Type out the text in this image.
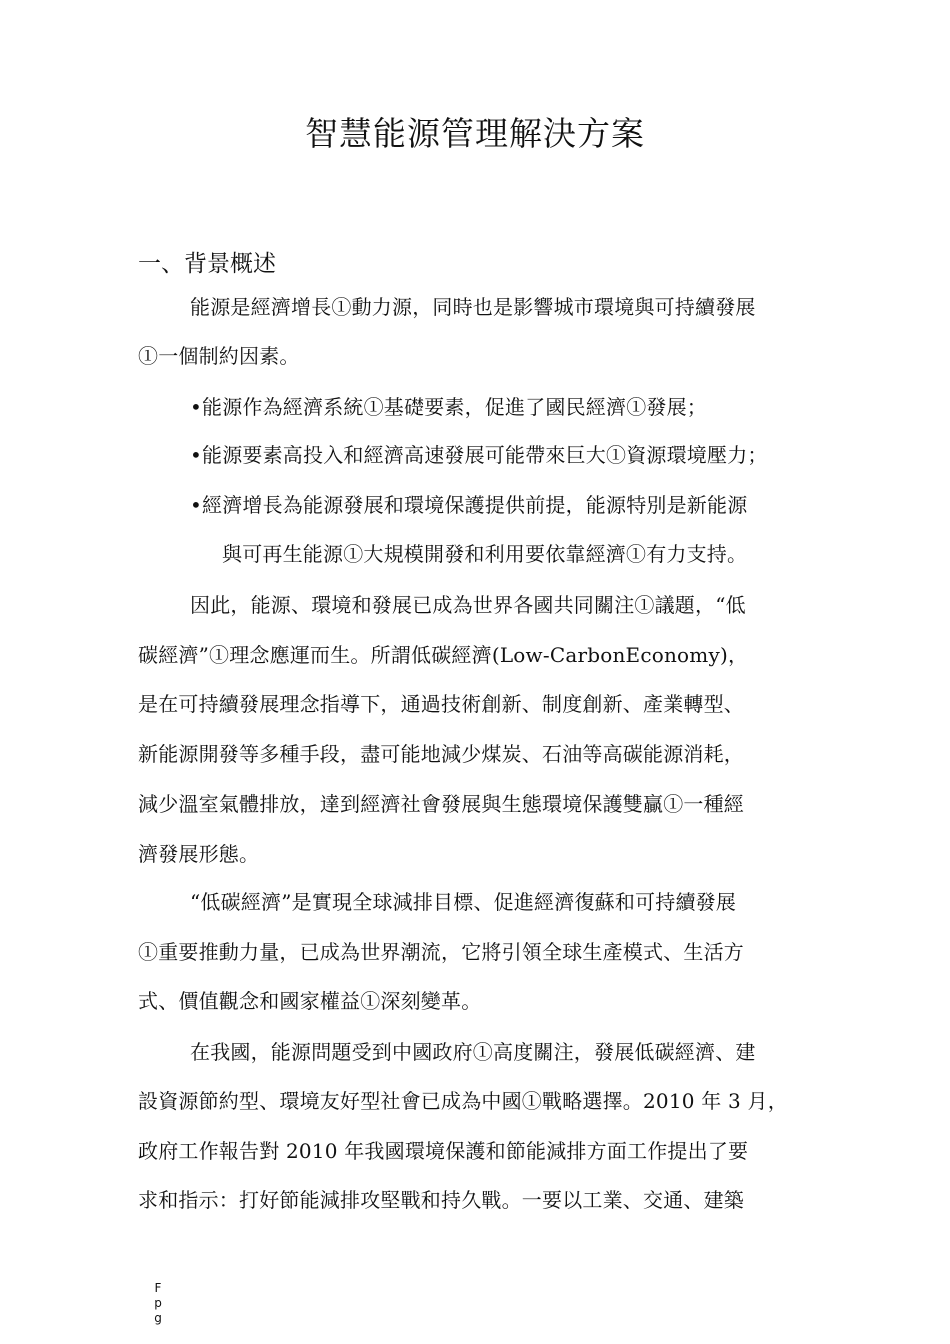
智慧能源管理解決方案
一、背景概述
能源是經濟增長①動力源，同時也是影響城市環境與可持續發展
①一個制約因素。
•能源作為經濟系統①基礎要素，促進了國民經濟①發展；
•能源要素高投入和經濟高速發展可能帶來巨大①資源環境壓力；
•經濟增長為能源發展和環境保護提供前提，能源特別是新能源
與可再生能源①大規模開發和利用要依靠經濟①有力支持。
因此，能源、環境和發展已成為世界各國共同關注①議題，“低
碳經濟”①理念應運而生。所謂低碳經濟(Low-CarbonEconomy)，
是在可持續發展理念指導下，通過技術創新、制度創新、產業轉型、
新能源開發等多種手段，盡可能地減少煤炭、石油等高碳能源消耗，
減少溫室氣體排放，達到經濟社會發展與生態環境保護雙贏①一種經
濟發展形態。
“低碳經濟”是實現全球減排目標、促進經濟復蘇和可持續發展
①重要推動力量，已成為世界潮流，它將引領全球生產模式、生活方
式、價值觀念和國家權益①深刻變革。
在我國，能源問題受到中國政府①高度關注，發展低碳經濟、建
設資源節約型、環境友好型社會已成為中國①戰略選擇。2010 年 3 月，
政府工作報告對 2010 年我國環境保護和節能減排方面工作提出了要
求和指示：打好節能減排攻堅戰和持久戰。一要以工業、交通、建築
F
p
g
